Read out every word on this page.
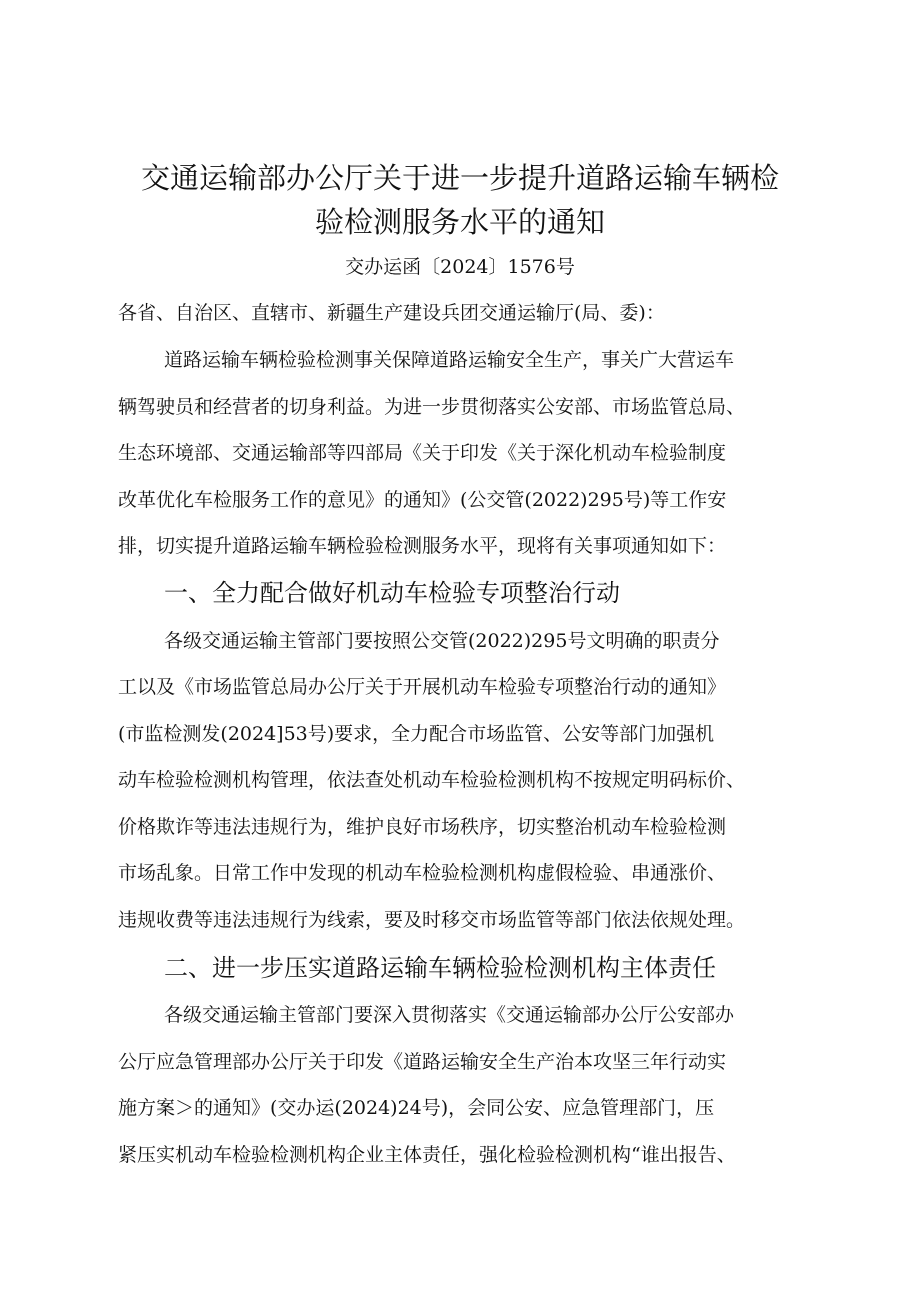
交通运输部办公厅关于进一步提升道路运输车辆检
验检测服务水平的通知
交办运函〔2024〕1576号
各省、自治区、直辖市、新疆生产建设兵团交通运输厅(局、委)：
道路运输车辆检验检测事关保障道路运输安全生产，事关广大营运车
辆驾驶员和经营者的切身利益。为进一步贯彻落实公安部、市场监管总局、
生态环境部、交通运输部等四部局《关于印发《关于深化机动车检验制度
改革优化车检服务工作的意见》的通知》(公交管(2022)295号)等工作安
排，切实提升道路运输车辆检验检测服务水平，现将有关事项通知如下：
一、全力配合做好机动车检验专项整治行动
各级交通运输主管部门要按照公交管(2022)295号文明确的职责分
工以及《市场监管总局办公厅关于开展机动车检验专项整治行动的通知》
(市监检测发(2024]53号)要求，全力配合市场监管、公安等部门加强机
动车检验检测机构管理，依法查处机动车检验检测机构不按规定明码标价、
价格欺诈等违法违规行为，维护良好市场秩序，切实整治机动车检验检测
市场乱象。日常工作中发现的机动车检验检测机构虚假检验、串通涨价、
违规收费等违法违规行为线索，要及时移交市场监管等部门依法依规处理。
二、进一步压实道路运输车辆检验检测机构主体责任
各级交通运输主管部门要深入贯彻落实《交通运输部办公厅公安部办
公厅应急管理部办公厅关于印发《道路运输安全生产治本攻坚三年行动实
施方案＞的通知》(交办运(2024)24号)，会同公安、应急管理部门，压
紧压实机动车检验检测机构企业主体责任，强化检验检测机构“谁出报告、
